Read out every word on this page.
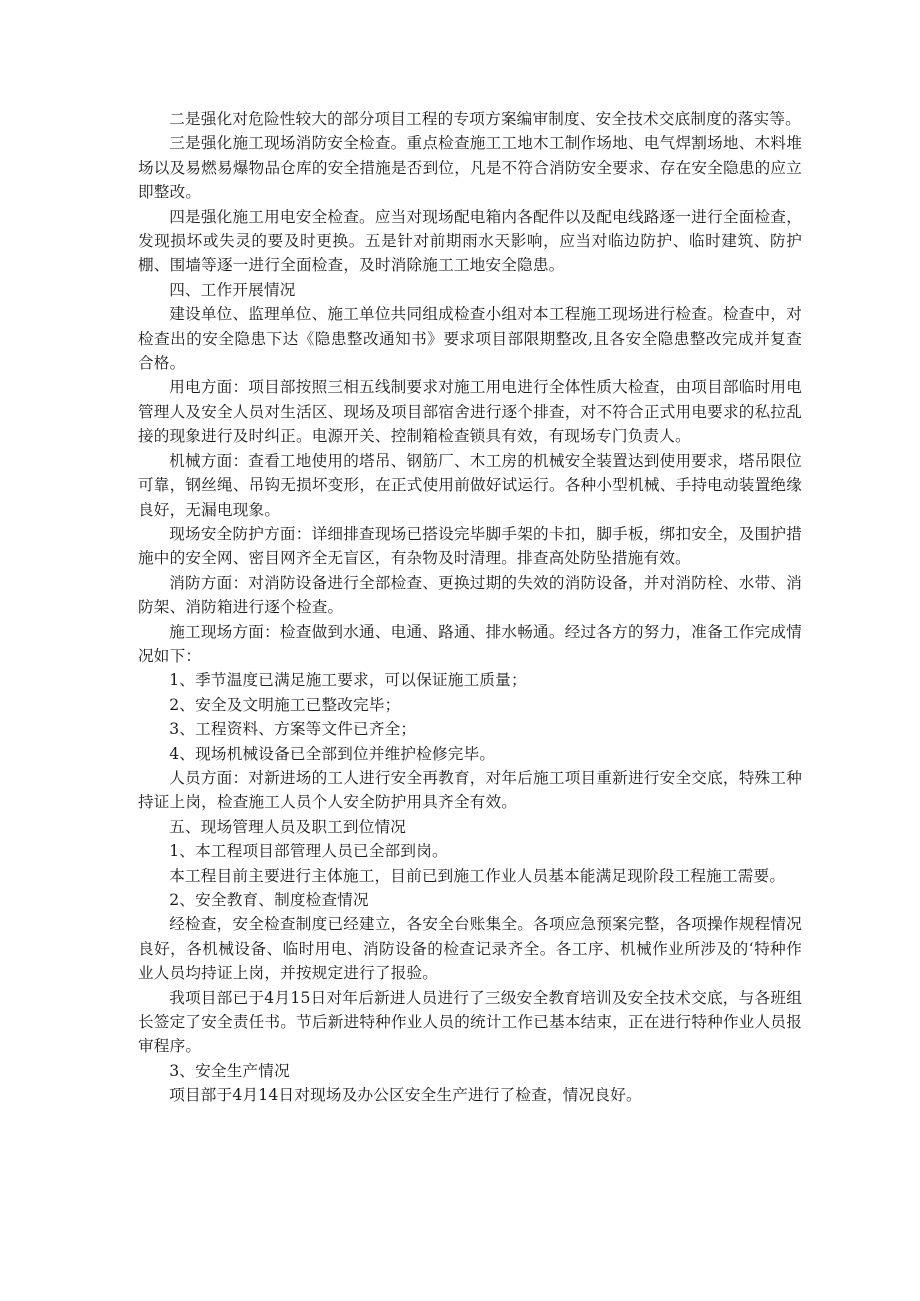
二是强化对危险性较大的部分项目工程的专项方案编审制度、安全技术交底制度的落实等。

三是强化施工现场消防安全检查。重点检查施工工地木工制作场地、电气焊割场地、木料堆场以及易燃易爆物品仓库的安全措施是否到位，凡是不符合消防安全要求、存在安全隐患的应立即整改。

四是强化施工用电安全检查。应当对现场配电箱内各配件以及配电线路逐一进行全面检查，发现损坏或失灵的要及时更换。五是针对前期雨水天影响，应当对临边防护、临时建筑、防护棚、围墙等逐一进行全面检查，及时消除施工工地安全隐患。

四、工作开展情况

建设单位、监理单位、施工单位共同组成检查小组对本工程施工现场进行检查。检查中，对检查出的安全隐患下达《隐患整改通知书》要求项目部限期整改,且各安全隐患整改完成并复查合格。

用电方面：项目部按照三相五线制要求对施工用电进行全体性质大检查，由项目部临时用电管理人及安全人员对生活区、现场及项目部宿舍进行逐个排查，对不符合正式用电要求的私拉乱接的现象进行及时纠正。电源开关、控制箱检查锁具有效，有现场专门负责人。

机械方面：查看工地使用的塔吊、钢筋厂、木工房的机械安全装置达到使用要求，塔吊限位可靠，钢丝绳、吊钩无损坏变形，在正式使用前做好试运行。各种小型机械、手持电动装置绝缘良好，无漏电现象。

现场安全防护方面：详细排查现场已搭设完毕脚手架的卡扣，脚手板，绑扣安全，及围护措施中的安全网、密目网齐全无盲区，有杂物及时清理。排查高处防坠措施有效。

消防方面：对消防设备进行全部检查、更换过期的失效的消防设备，并对消防栓、水带、消防架、消防箱进行逐个检查。

施工现场方面：检查做到水通、电通、路通、排水畅通。经过各方的努力，准备工作完成情况如下：

1、季节温度已满足施工要求，可以保证施工质量；

2、安全及文明施工已整改完毕；

3、工程资料、方案等文件已齐全；

4、现场机械设备已全部到位并维护检修完毕。

人员方面：对新进场的工人进行安全再教育，对年后施工项目重新进行安全交底，特殊工种持证上岗，检查施工人员个人安全防护用具齐全有效。

五、现场管理人员及职工到位情况

1、本工程项目部管理人员已全部到岗。

本工程目前主要进行主体施工，目前已到施工作业人员基本能满足现阶段工程施工需要。

2、安全教育、制度检查情况

经检查，安全检查制度已经建立，各安全台账集全。各项应急预案完整，各项操作规程情况良好，各机械设备、临时用电、消防设备的检查记录齐全。各工序、机械作业所涉及的‘特种作业人员均持证上岗，并按规定进行了报验。

我项目部已于4月15日对年后新进人员进行了三级安全教育培训及安全技术交底，与各班组长签定了安全责任书。节后新进特种作业人员的统计工作已基本结束，正在进行特种作业人员报审程序。

3、安全生产情况

项目部于4月14日对现场及办公区安全生产进行了检查，情况良好。
